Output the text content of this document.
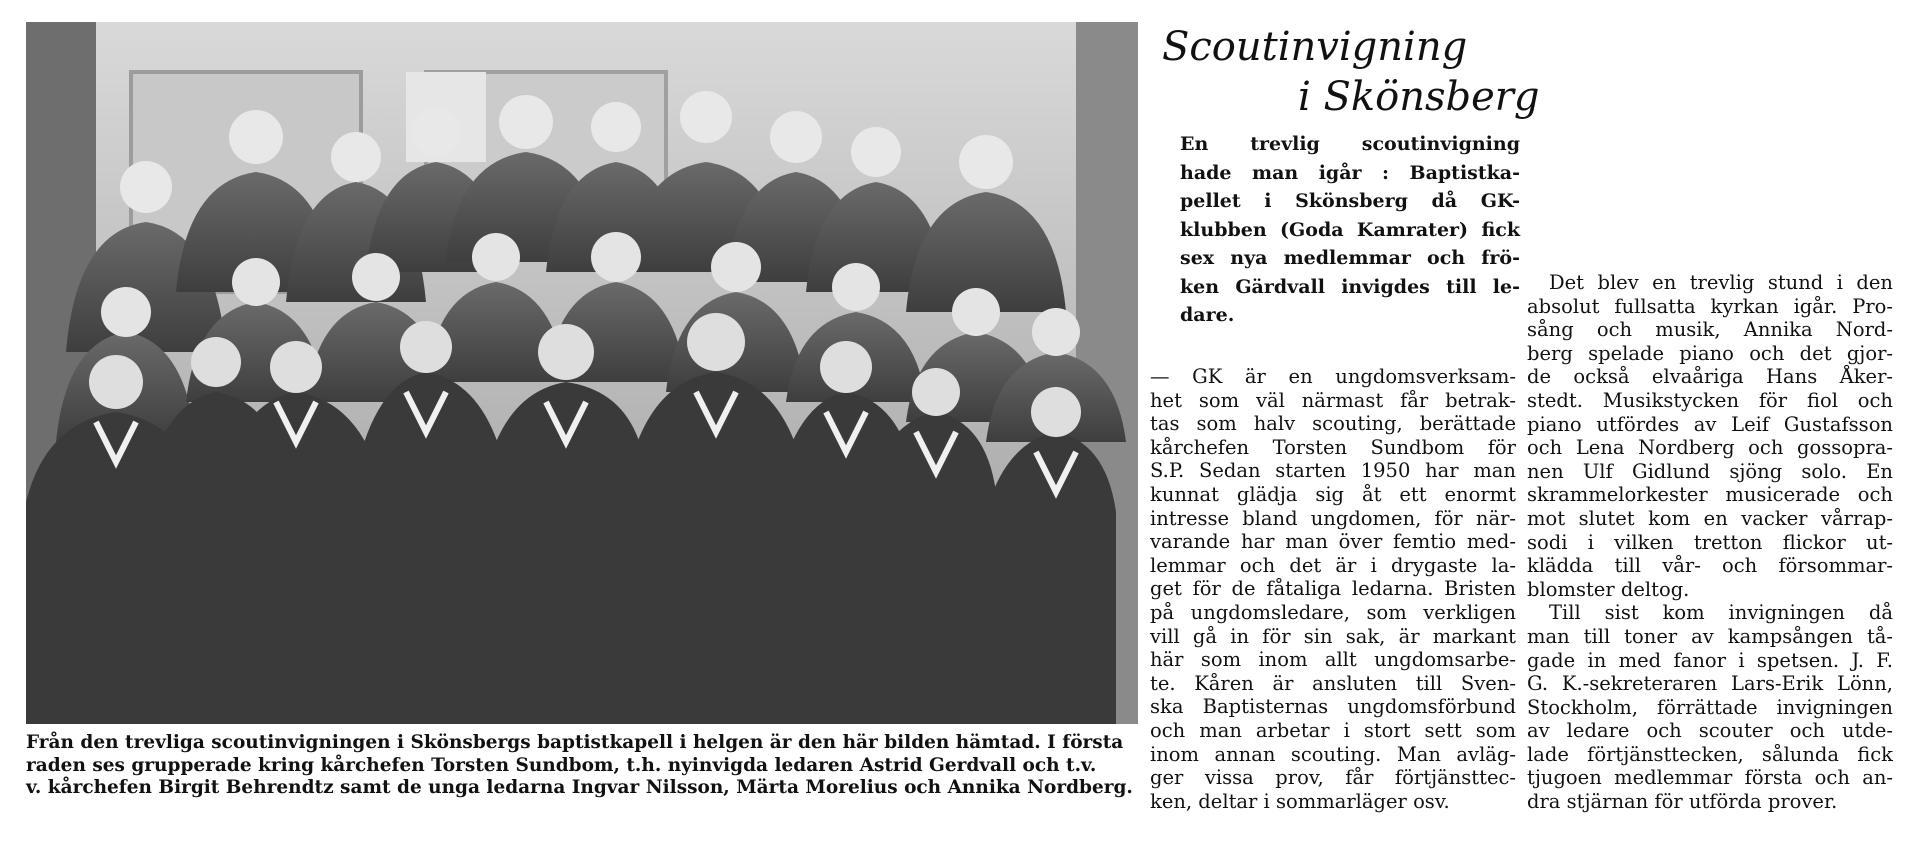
Scoutinvigning
i Skönsberg

En trevlig scoutinvigning

hade man igår : Baptistka-

pellet i Skönsberg då GK-

klubben (Goda Kamrater) fick

sex nya medlemmar och frö-

ken Gärdvall invigdes till le-

dare.

— GK är en ungdomsverksam-

het som väl närmast får betrak-

tas som halv scouting, berättade

kårchefen Torsten Sundbom för

S.P. Sedan starten 1950 har man

kunnat glädja sig åt ett enormt

intresse bland ungdomen, för när-

varande har man över femtio med-

lemmar och det är i drygaste la-

get för de fåtaliga ledarna. Bristen

på ungdomsledare, som verkligen

vill gå in för sin sak, är markant

här som inom allt ungdomsarbe-

te. Kåren är ansluten till Sven-

ska Baptisternas ungdomsförbund

och man arbetar i stort sett som

inom annan scouting. Man avläg-

ger vissa prov, får förtjänsttec-

ken, deltar i sommarläger osv.

Det blev en trevlig stund i den

absolut fullsatta kyrkan igår. Pro-

sång och musik, Annika Nord-

berg spelade piano och det gjor-

de också elvaåriga Hans Åker-

stedt. Musikstycken för fiol och

piano utfördes av Leif Gustafsson

och Lena Nordberg och gossopra-

nen Ulf Gidlund sjöng solo. En

skrammelorkester musicerade och

mot slutet kom en vacker vårrap-

sodi i vilken tretton flickor ut-

klädda till vår- och försommar-

blomster deltog.

Till sist kom invigningen då

man till toner av kampsången tå-

gade in med fanor i spetsen. J. F.

G. K.-sekreteraren Lars-Erik Lönn,

Stockholm, förrättade invigningen

av ledare och scouter och utde-

lade förtjänsttecken, sålunda fick

tjugoen medlemmar första och an-

dra stjärnan för utförda prover.

Från den trevliga scoutinvigningen i Skönsbergs baptistkapell i helgen är den här bilden hämtad. I första

raden ses grupperade kring kårchefen Torsten Sundbom, t.h. nyinvigda ledaren Astrid Gerdvall och t.v.

v. kårchefen Birgit Behrendtz samt de unga ledarna Ingvar Nilsson, Märta Morelius och Annika Nordberg.
